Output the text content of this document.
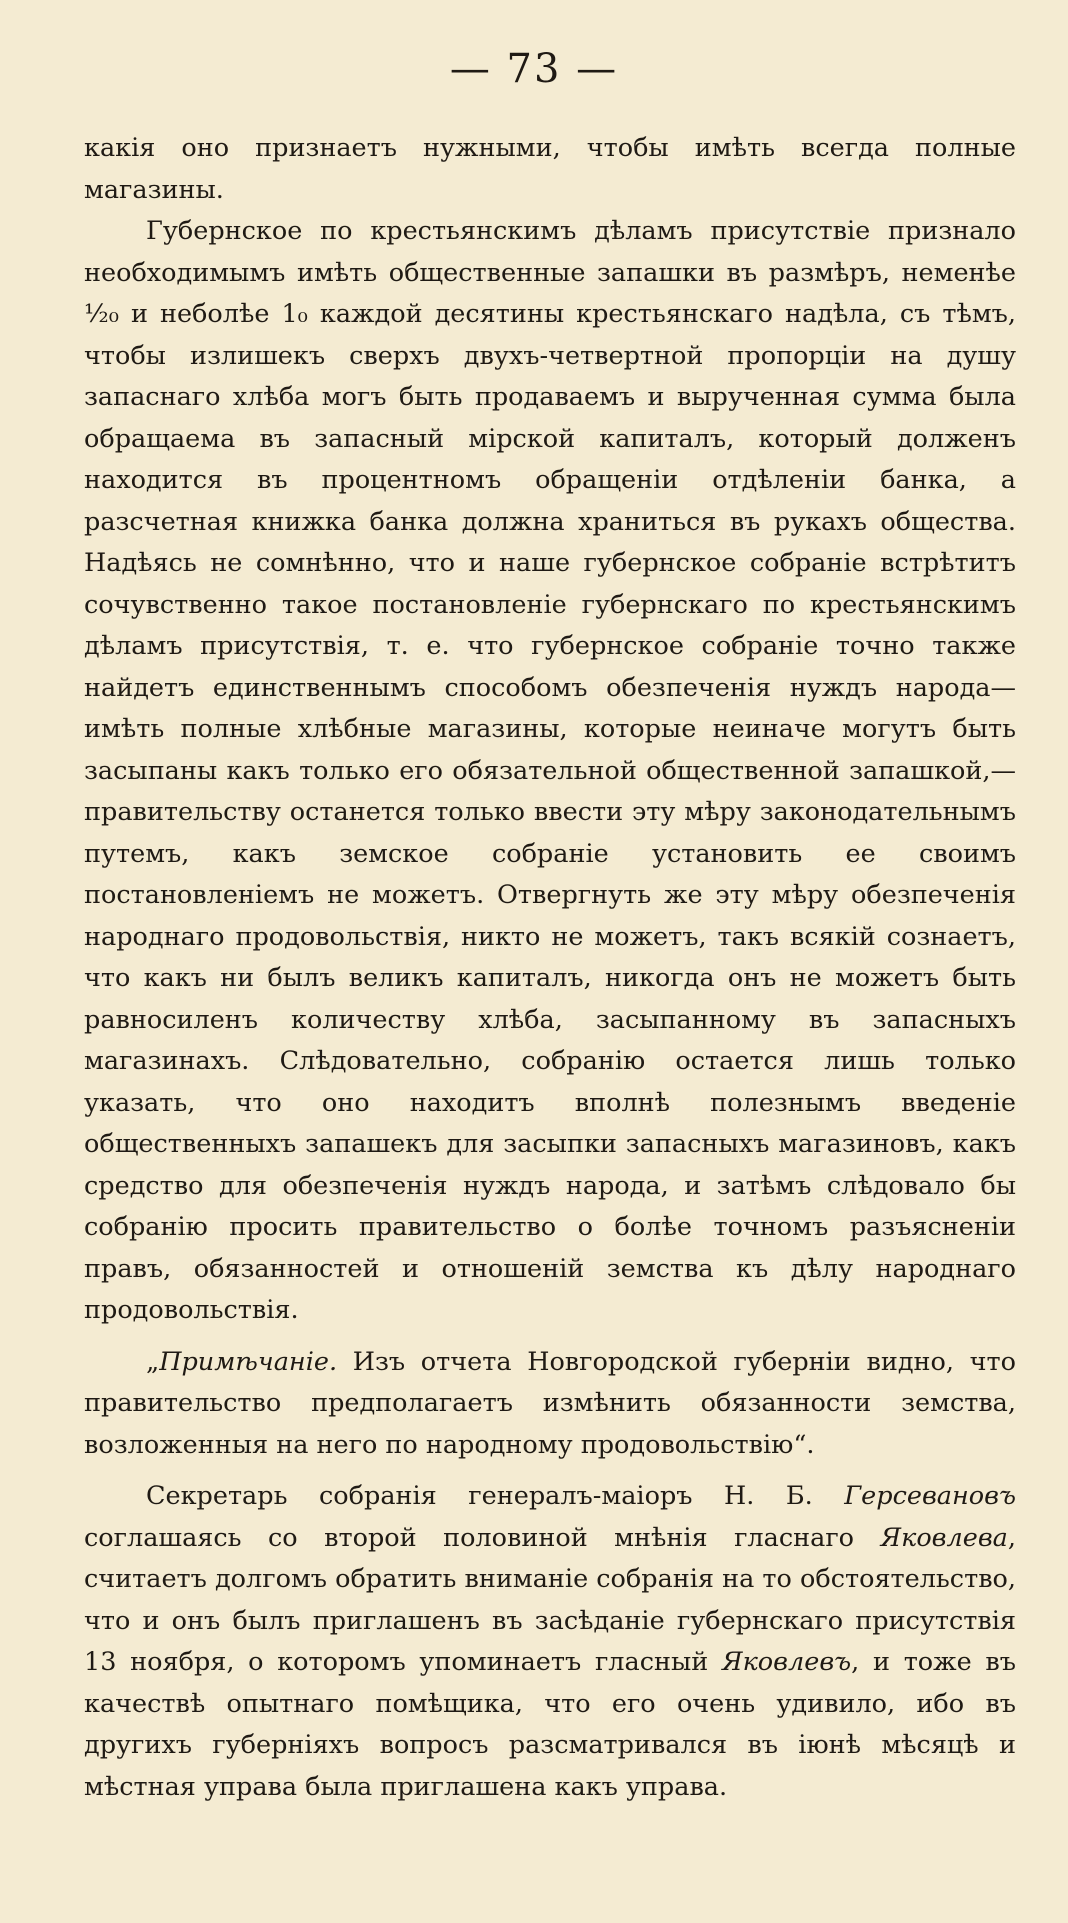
— 73 —

какія оно признаетъ нужными, чтобы имѣть всегда полные магазины.

Губернское по крестьянскимъ дѣламъ присутствіе признало необходимымъ имѣть общественные запашки въ размѣръ, неменѣе ½₀ и неболѣе 1₀ каждой десятины крестьянскаго надѣла, съ тѣмъ, чтобы излишекъ сверхъ двухъ-четвертной пропорціи на душу запаснаго хлѣба могъ быть продаваемъ и вырученная сумма была обращаема въ запасный мірской капиталъ, который долженъ находится въ процентномъ обращеніи отдѣленіи банка, а разсчетная книжка банка должна храниться въ рукахъ общества. Надѣясь не сомнѣнно, что и наше губернское собраніе встрѣтитъ сочувственно такое постановленіе губернскаго по крестьянскимъ дѣламъ присутствія, т. е. что губернское собраніе точно также найдетъ единственнымъ способомъ обезпеченія нуждъ народа—имѣть полные хлѣбные магазины, которые неиначе могутъ быть засыпаны какъ только его обязательной общественной запашкой,—правительству останется только ввести эту мѣру законодательнымъ путемъ, какъ земское собраніе установить ее своимъ постановленіемъ не можетъ. Отвергнуть же эту мѣру обезпеченія народнаго продовольствія, никто не можетъ, такъ всякій сознаетъ, что какъ ни былъ великъ капиталъ, никогда онъ не можетъ быть равносиленъ количеству хлѣба, засыпанному въ запасныхъ магазинахъ. Слѣдовательно, собранію остается лишь только указать, что оно находитъ вполнѣ полезнымъ введеніе общественныхъ запашекъ для засыпки запасныхъ магазиновъ, какъ средство для обезпеченія нуждъ народа, и затѣмъ слѣдовало бы собранію просить правительство о болѣе точномъ разъясненіи правъ, обязанностей и отношеній земства къ дѣлу народнаго продовольствія.

„Примѣчаніе. Изъ отчета Новгородской губерніи видно, что правительство предполагаетъ измѣнить обязанности земства, возложенныя на него по народному продовольствію“.

Секретарь собранія генералъ-маіоръ Н. Б. Герсевановъ соглашаясь со второй половиной мнѣнія гласнаго Яковлева, считаетъ долгомъ обратить вниманіе собранія на то обстоятельство, что и онъ былъ приглашенъ въ засѣданіе губернскаго присутствія 13 ноября, о которомъ упоминаетъ гласный Яковлевъ, и тоже въ качествѣ опытнаго помѣщика, что его очень удивило, ибо въ другихъ губерніяхъ вопросъ разсматривался въ іюнѣ мѣсяцѣ и мѣстная управа была приглашена какъ управа.
